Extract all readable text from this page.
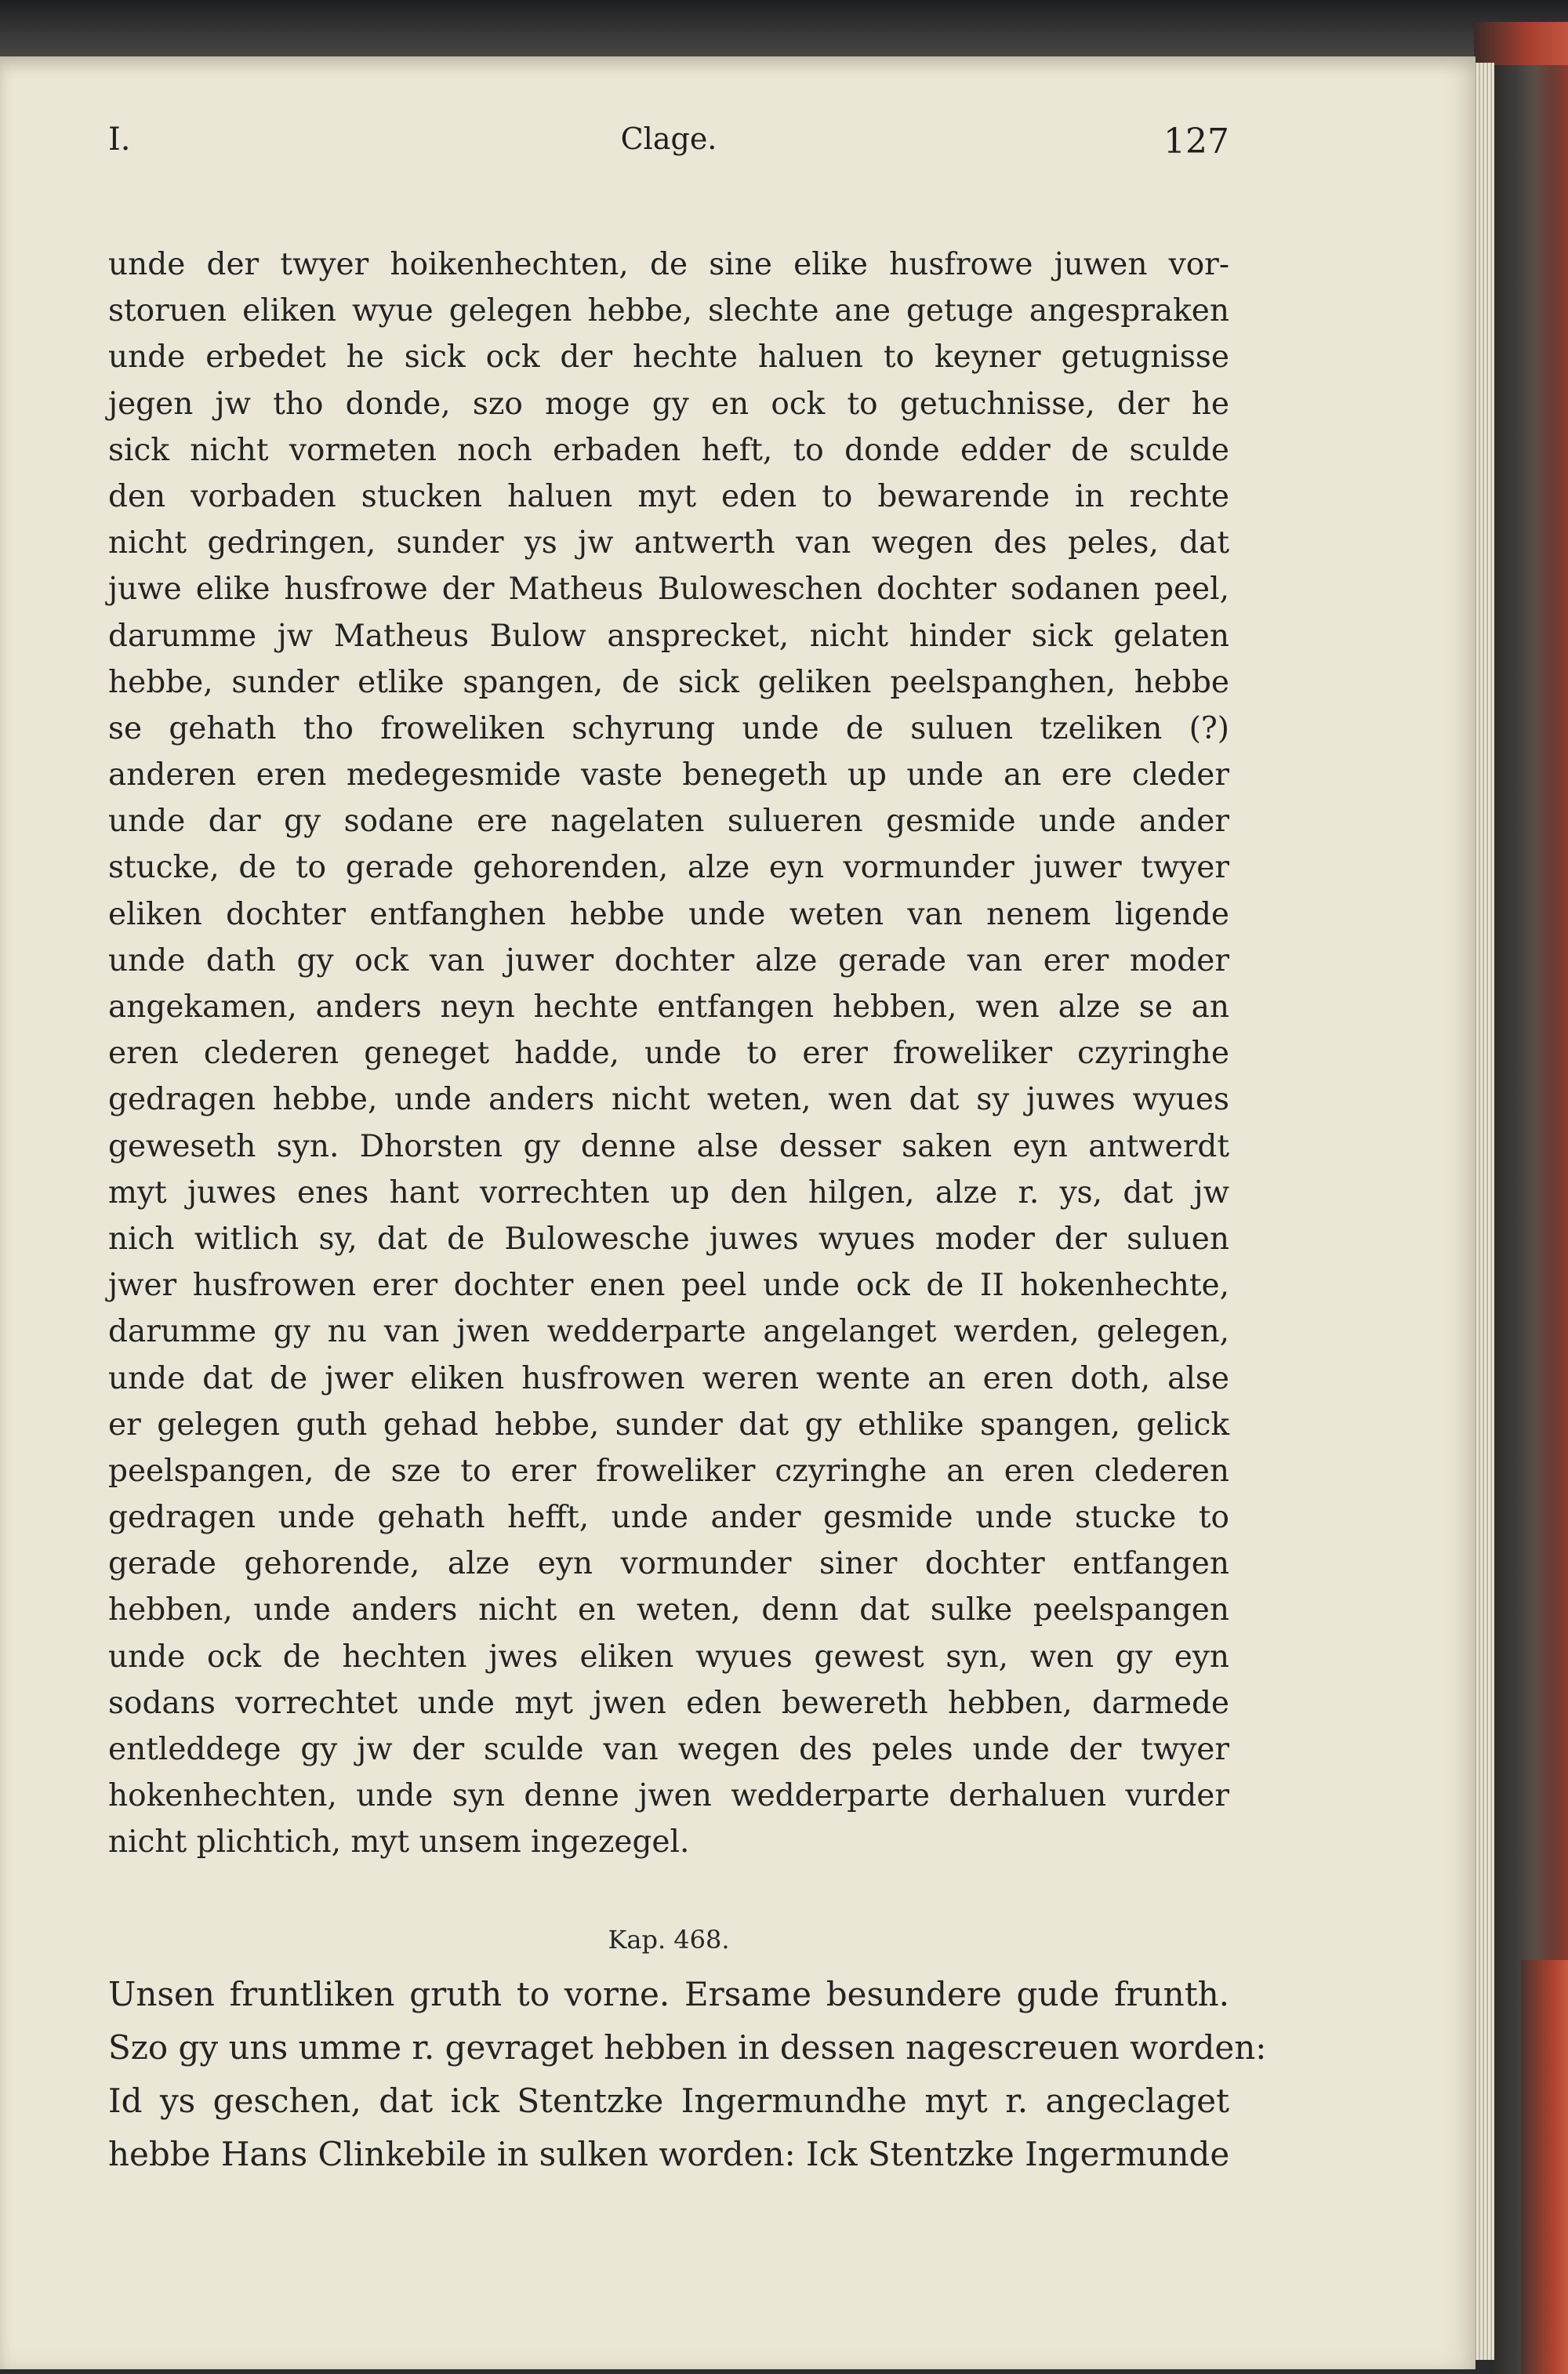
Clage.
I.	127
unde der twyer hoikenhechten, de sine elike husfrowe juwen vor-
storuen eliken wyue gelegen hebbe, slechte ane getuge angespraken
unde erbedet he sick ock der hechte haluen to keyner getugnisse
jegen jw tho donde, szo moge gy en ock to getuchnisse, der he
sick nicht vormeten noch erbaden heft, to donde edder de sculde
den vorbaden stucken haluen myt eden to bewarende in rechte
nicht gedringen, sunder ys jw antwerth van wegen des peles, dat
juwe elike husfrowe der Matheus Buloweschen dochter sodanen peel,
darumme jw Matheus Bulow ansprecket, nicht hinder sick gelaten
hebbe, sunder etlike spangen, de sick geliken peelspanghen, hebbe
se gehath tho froweliken schyrung unde de suluen tzeliken (?)
anderen eren medegesmide vaste benegeth up unde an ere cleder
unde dar gy sodane ere nagelaten sulueren gesmide unde ander
stucke, de to gerade gehorenden, alze eyn vormunder juwer twyer
eliken dochter entfanghen hebbe unde weten van nenem ligende
unde dath gy ock van juwer dochter alze gerade van erer moder
angekamen, anders neyn hechte entfangen hebben, wen alze se an
eren clederen geneget hadde, unde to erer froweliker czyringhe
gedragen hebbe, unde anders nicht weten, wen dat sy juwes wyues
geweseth syn. Dhorsten gy denne alse desser saken eyn antwerdt
myt juwes enes hant vorrechten up den hilgen, alze r. ys, dat jw
nich witlich sy, dat de Bulowesche juwes wyues moder der suluen
jwer husfrowen erer dochter enen peel unde ock de II hokenhechte,
darumme gy nu van jwen wedderparte angelanget werden, gelegen,
unde dat de jwer eliken husfrowen weren wente an eren doth, alse
er gelegen guth gehad hebbe, sunder dat gy ethlike spangen, gelick
peelspangen, de sze to erer froweliker czyringhe an eren clederen
gedragen unde gehath hefft, unde ander gesmide unde stucke to
gerade gehorende, alze eyn vormunder siner dochter entfangen
hebben, unde anders nicht en weten, denn dat sulke peelspangen
unde ock de hechten jwes eliken wyues gewest syn, wen gy eyn
sodans vorrechtet unde myt jwen eden bewereth hebben, darmede
entleddege gy jw der sculde van wegen des peles unde der twyer
hokenhechten, unde syn denne jwen wedderparte derhaluen vurder
nicht plichtich, myt unsem ingezegel.
Kap. 468.
Unsen fruntliken gruth to vorne. Ersame besundere gude frunth.
Szo gy uns umme r. gevraget hebben in dessen nagescreuen worden:
Id ys geschen, dat ick Stentzke Ingermundhe myt r. angeclaget
hebbe Hans Clinkebile in sulken worden: Ick Stentzke Ingermunde
